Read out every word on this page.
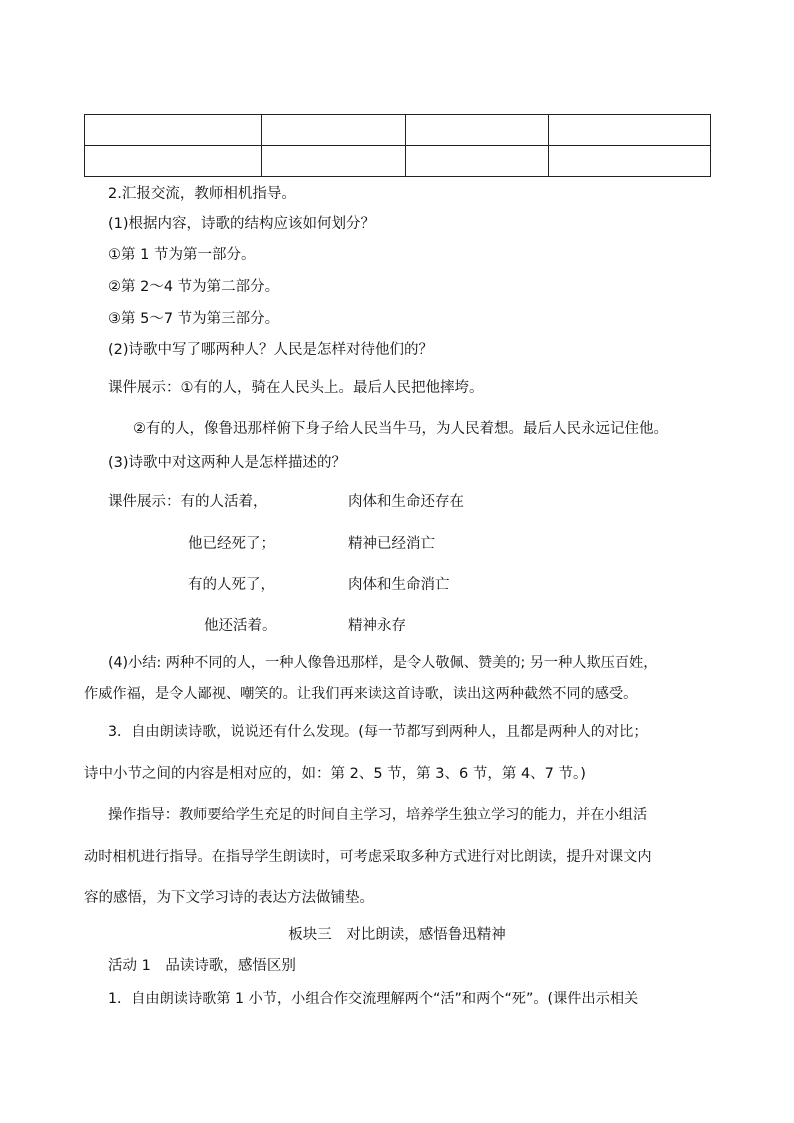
2.汇报交流，教师相机指导。
(1)根据内容，诗歌的结构应该如何划分？
①第 1 节为第一部分。
②第 2～4 节为第二部分。
③第 5～7 节为第三部分。
(2)诗歌中写了哪两种人？人民是怎样对待他们的？
课件展示：①有的人，骑在人民头上。最后人民把他摔垮。
②有的人，像鲁迅那样俯下身子给人民当牛马，为人民着想。最后人民永远记住他。
(3)诗歌中对这两种人是怎样描述的？
课件展示：有的人活着，	肉体和生命还存在
他已经死了；	精神已经消亡
有的人死了，	肉体和生命消亡
他还活着。	精神永存
(4)小结: 两种不同的人，一种人像鲁迅那样，是令人敬佩、赞美的; 另一种人欺压百姓，
作威作福，是令人鄙视、嘲笑的。让我们再来读这首诗歌，读出这两种截然不同的感受。
3．自由朗读诗歌，说说还有什么发现。(每一节都写到两种人，且都是两种人的对比；
诗中小节之间的内容是相对应的，如：第 2、5 节，第 3、6 节，第 4、7 节。)
操作指导：教师要给学生充足的时间自主学习，培养学生独立学习的能力，并在小组活
动时相机进行指导。在指导学生朗读时，可考虑采取多种方式进行对比朗读，提升对课文内
容的感悟，为下文学习诗的表达方法做铺垫。
板块三　对比朗读，感悟鲁迅精神
活动 1　品读诗歌，感悟区别
1．自由朗读诗歌第 1 小节，小组合作交流理解两个“活”和两个“死”。(课件出示相关
